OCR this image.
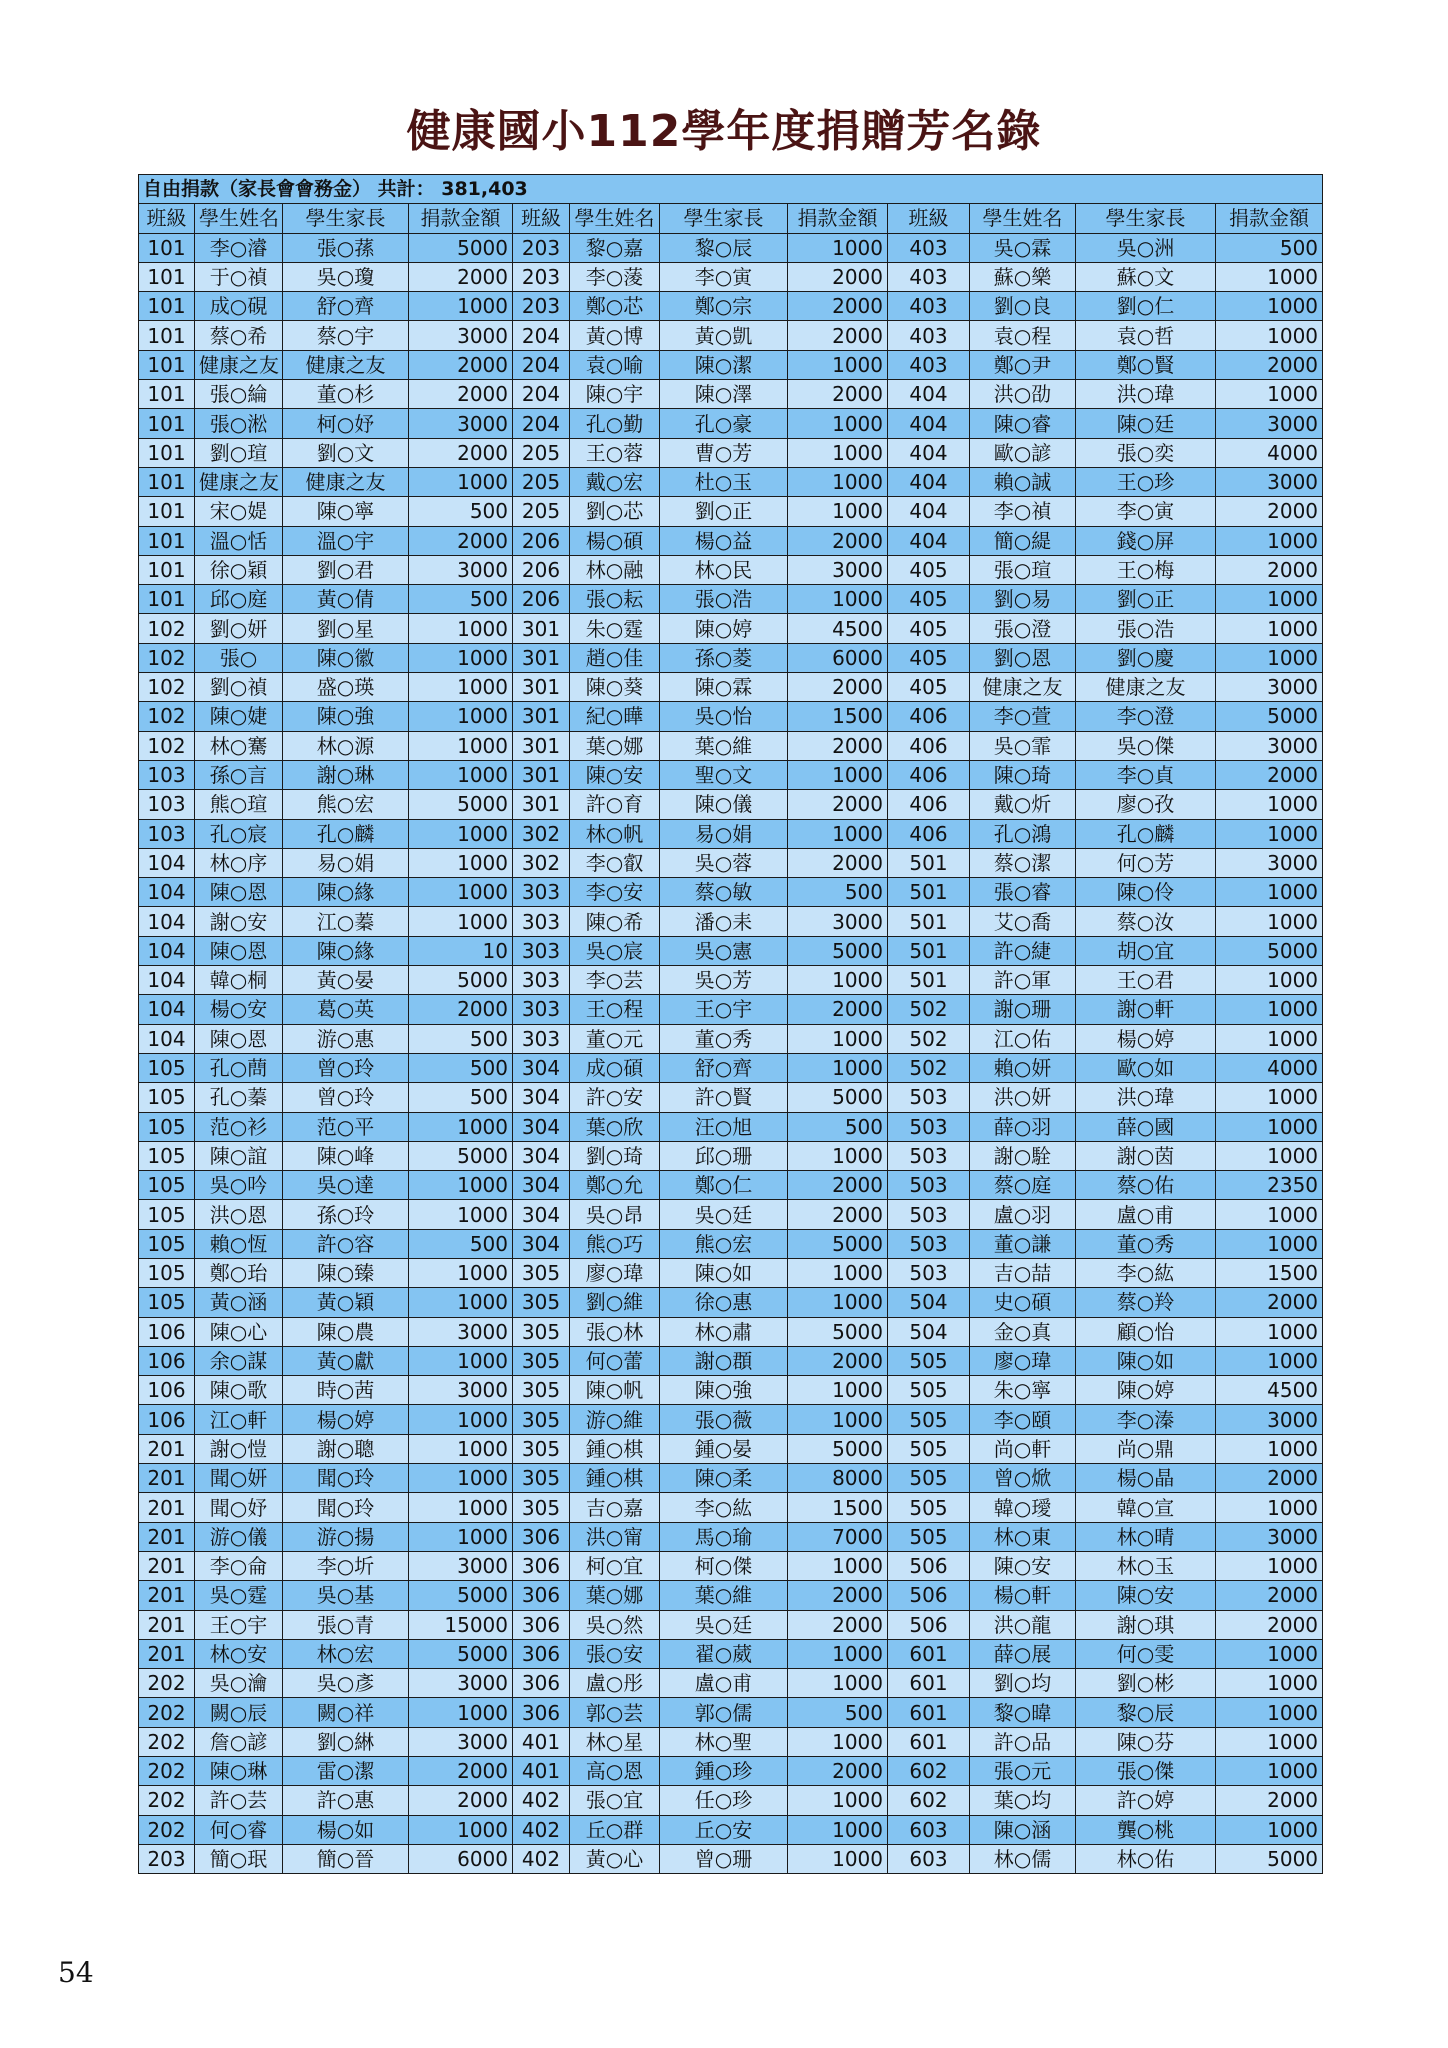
健康國小112學年度捐贈芳名錄
自由捐款（家長會會務金） 共計： 381,403											
班級	學生姓名	學生家長	捐款金額	班級	學生姓名	學生家長	捐款金額	班級	學生姓名	學生家長	捐款金額
101	李○濬	張○蓀	5000	203	黎○嘉	黎○辰	1000	403	吳○霖	吳○洲	500
101	于○禎	吳○瓊	2000	203	李○蔆	李○寅	2000	403	蘇○樂	蘇○文	1000
101	成○硯	舒○齊	1000	203	鄭○芯	鄭○宗	2000	403	劉○良	劉○仁	1000
101	蔡○希	蔡○宇	3000	204	黃○博	黃○凱	2000	403	袁○程	袁○哲	1000
101	健康之友	健康之友	2000	204	袁○喻	陳○潔	1000	403	鄭○尹	鄭○賢	2000
101	張○綸	董○杉	2000	204	陳○宇	陳○澤	2000	404	洪○劭	洪○瑋	1000
101	張○淞	柯○妤	3000	204	孔○勤	孔○豪	1000	404	陳○睿	陳○廷	3000
101	劉○瑄	劉○文	2000	205	王○蓉	曹○芳	1000	404	歐○諺	張○奕	4000
101	健康之友	健康之友	1000	205	戴○宏	杜○玉	1000	404	賴○誠	王○珍	3000
101	宋○媞	陳○寧	500	205	劉○芯	劉○正	1000	404	李○禎	李○寅	2000
101	溫○恬	溫○宇	2000	206	楊○碩	楊○益	2000	404	簡○緹	錢○屏	1000
101	徐○穎	劉○君	3000	206	林○融	林○民	3000	405	張○瑄	王○梅	2000
101	邱○庭	黃○倩	500	206	張○耘	張○浩	1000	405	劉○易	劉○正	1000
102	劉○妍	劉○星	1000	301	朱○霆	陳○婷	4500	405	張○澄	張○浩	1000
102	張○	陳○徽	1000	301	趙○佳	孫○菱	6000	405	劉○恩	劉○慶	1000
102	劉○禎	盛○瑛	1000	301	陳○葵	陳○霖	2000	405	健康之友	健康之友	3000
102	陳○婕	陳○強	1000	301	紀○曄	吳○怡	1500	406	李○萱	李○澄	5000
102	林○騫	林○源	1000	301	葉○娜	葉○維	2000	406	吳○霏	吳○傑	3000
103	孫○言	謝○琳	1000	301	陳○安	聖○文	1000	406	陳○琦	李○貞	2000
103	熊○瑄	熊○宏	5000	301	許○育	陳○儀	2000	406	戴○炘	廖○孜	1000
103	孔○宸	孔○麟	1000	302	林○帆	易○娟	1000	406	孔○鴻	孔○麟	1000
104	林○序	易○娟	1000	302	李○叡	吳○蓉	2000	501	蔡○潔	何○芳	3000
104	陳○恩	陳○緣	1000	303	李○安	蔡○敏	500	501	張○睿	陳○伶	1000
104	謝○安	江○蓁	1000	303	陳○希	潘○耒	3000	501	艾○喬	蔡○汝	1000
104	陳○恩	陳○緣	10	303	吳○宸	吳○憲	5000	501	許○緁	胡○宜	5000
104	韓○桐	黃○晏	5000	303	李○芸	吳○芳	1000	501	許○軍	王○君	1000
104	楊○安	葛○英	2000	303	王○程	王○宇	2000	502	謝○珊	謝○軒	1000
104	陳○恩	游○惠	500	303	董○元	董○秀	1000	502	江○佑	楊○婷	1000
105	孔○蔄	曾○玲	500	304	成○碩	舒○齊	1000	502	賴○妍	歐○如	4000
105	孔○蓁	曾○玲	500	304	許○安	許○賢	5000	503	洪○妍	洪○瑋	1000
105	范○衫	范○平	1000	304	葉○欣	汪○旭	500	503	薛○羽	薛○國	1000
105	陳○誼	陳○峰	5000	304	劉○琦	邱○珊	1000	503	謝○駩	謝○茵	1000
105	吳○吟	吳○達	1000	304	鄭○允	鄭○仁	2000	503	蔡○庭	蔡○佑	2350
105	洪○恩	孫○玲	1000	304	吳○昂	吳○廷	2000	503	盧○羽	盧○甫	1000
105	賴○恆	許○容	500	304	熊○巧	熊○宏	5000	503	董○謙	董○秀	1000
105	鄭○珆	陳○臻	1000	305	廖○瑋	陳○如	1000	503	吉○喆	李○紘	1500
105	黃○涵	黃○穎	1000	305	劉○維	徐○惠	1000	504	史○碩	蔡○羚	2000
106	陳○心	陳○農	3000	305	張○林	林○肅	5000	504	金○真	顧○怡	1000
106	余○謀	黃○獻	1000	305	何○蕾	謝○頵	2000	505	廖○瑋	陳○如	1000
106	陳○歌	時○茜	3000	305	陳○帆	陳○強	1000	505	朱○寧	陳○婷	4500
106	江○軒	楊○婷	1000	305	游○維	張○薇	1000	505	李○頤	李○溱	3000
201	謝○愷	謝○聰	1000	305	鍾○棋	鍾○晏	5000	505	尚○軒	尚○鼎	1000
201	聞○妍	聞○玲	1000	305	鍾○棋	陳○柔	8000	505	曾○焮	楊○晶	2000
201	聞○妤	聞○玲	1000	305	吉○嘉	李○紘	1500	505	韓○璦	韓○宣	1000
201	游○儀	游○揚	1000	306	洪○甯	馬○瑜	7000	505	林○東	林○晴	3000
201	李○侖	李○圻	3000	306	柯○宜	柯○傑	1000	506	陳○安	林○玉	1000
201	吳○霆	吳○基	5000	306	葉○娜	葉○維	2000	506	楊○軒	陳○安	2000
201	王○宇	張○青	15000	306	吳○然	吳○廷	2000	506	洪○龍	謝○琪	2000
201	林○安	林○宏	5000	306	張○安	翟○葳	1000	601	薛○展	何○雯	1000
202	吳○瀹	吳○彥	3000	306	盧○彤	盧○甫	1000	601	劉○均	劉○彬	1000
202	闕○辰	闕○祥	1000	306	郭○芸	郭○儒	500	601	黎○暐	黎○辰	1000
202	詹○諺	劉○綝	3000	401	林○星	林○聖	1000	601	許○品	陳○芬	1000
202	陳○琳	雷○潔	2000	401	高○恩	鍾○珍	2000	602	張○元	張○傑	1000
202	許○芸	許○惠	2000	402	張○宜	任○珍	1000	602	葉○均	許○婷	2000
202	何○睿	楊○如	1000	402	丘○群	丘○安	1000	603	陳○涵	龔○桃	1000
203	簡○珉	簡○晉	6000	402	黃○心	曾○珊	1000	603	林○儒	林○佑	5000
54
